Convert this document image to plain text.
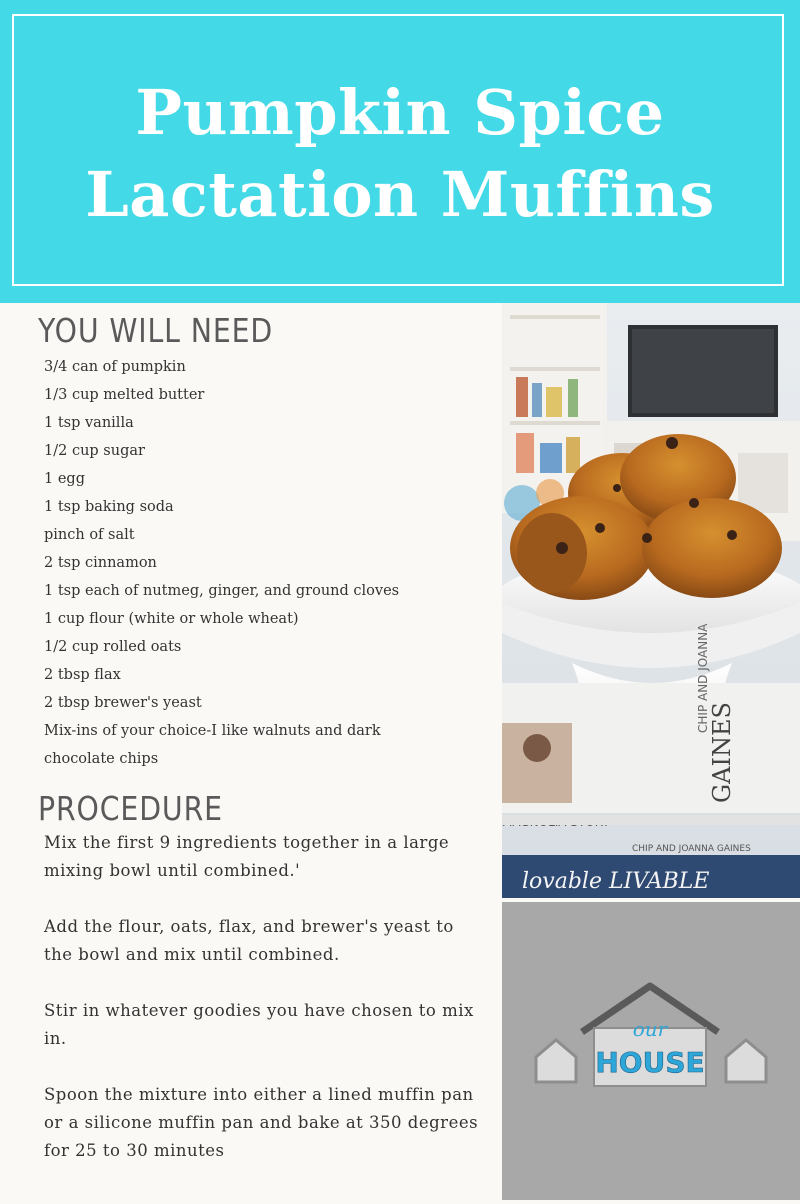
Pumpkin Spice
Lactation Muffins
YOU WILL NEED
3/4 can of pumpkin
1/3 cup melted butter
1 tsp vanilla
1/2 cup sugar
1 egg
1 tsp baking soda
pinch of salt
2 tsp cinnamon
1 tsp each of nutmeg, ginger, and ground cloves
1 cup flour (white or whole wheat)
1/2 cup rolled oats
2 tbsp flax
2 tbsp brewer's yeast
Mix-ins of your choice-I like walnuts and dark chocolate chips
PROCEDURE

Mix the first 9 ingredients together in a large mixing bowl until combined.'

Add the flour, oats, flax, and brewer's yeast to the bowl and mix until combined.

Stir in whatever goodies you have chosen to mix in.

Spoon the mixture into either a lined muffin pan or a silicone muffin pan and bake at 350 degrees for 25 to 30 minutes

CHIP AND JOANNA
GAINES
CHIP AND JOANNA GAINES
lovable LIVABLE
our
HOUSE
